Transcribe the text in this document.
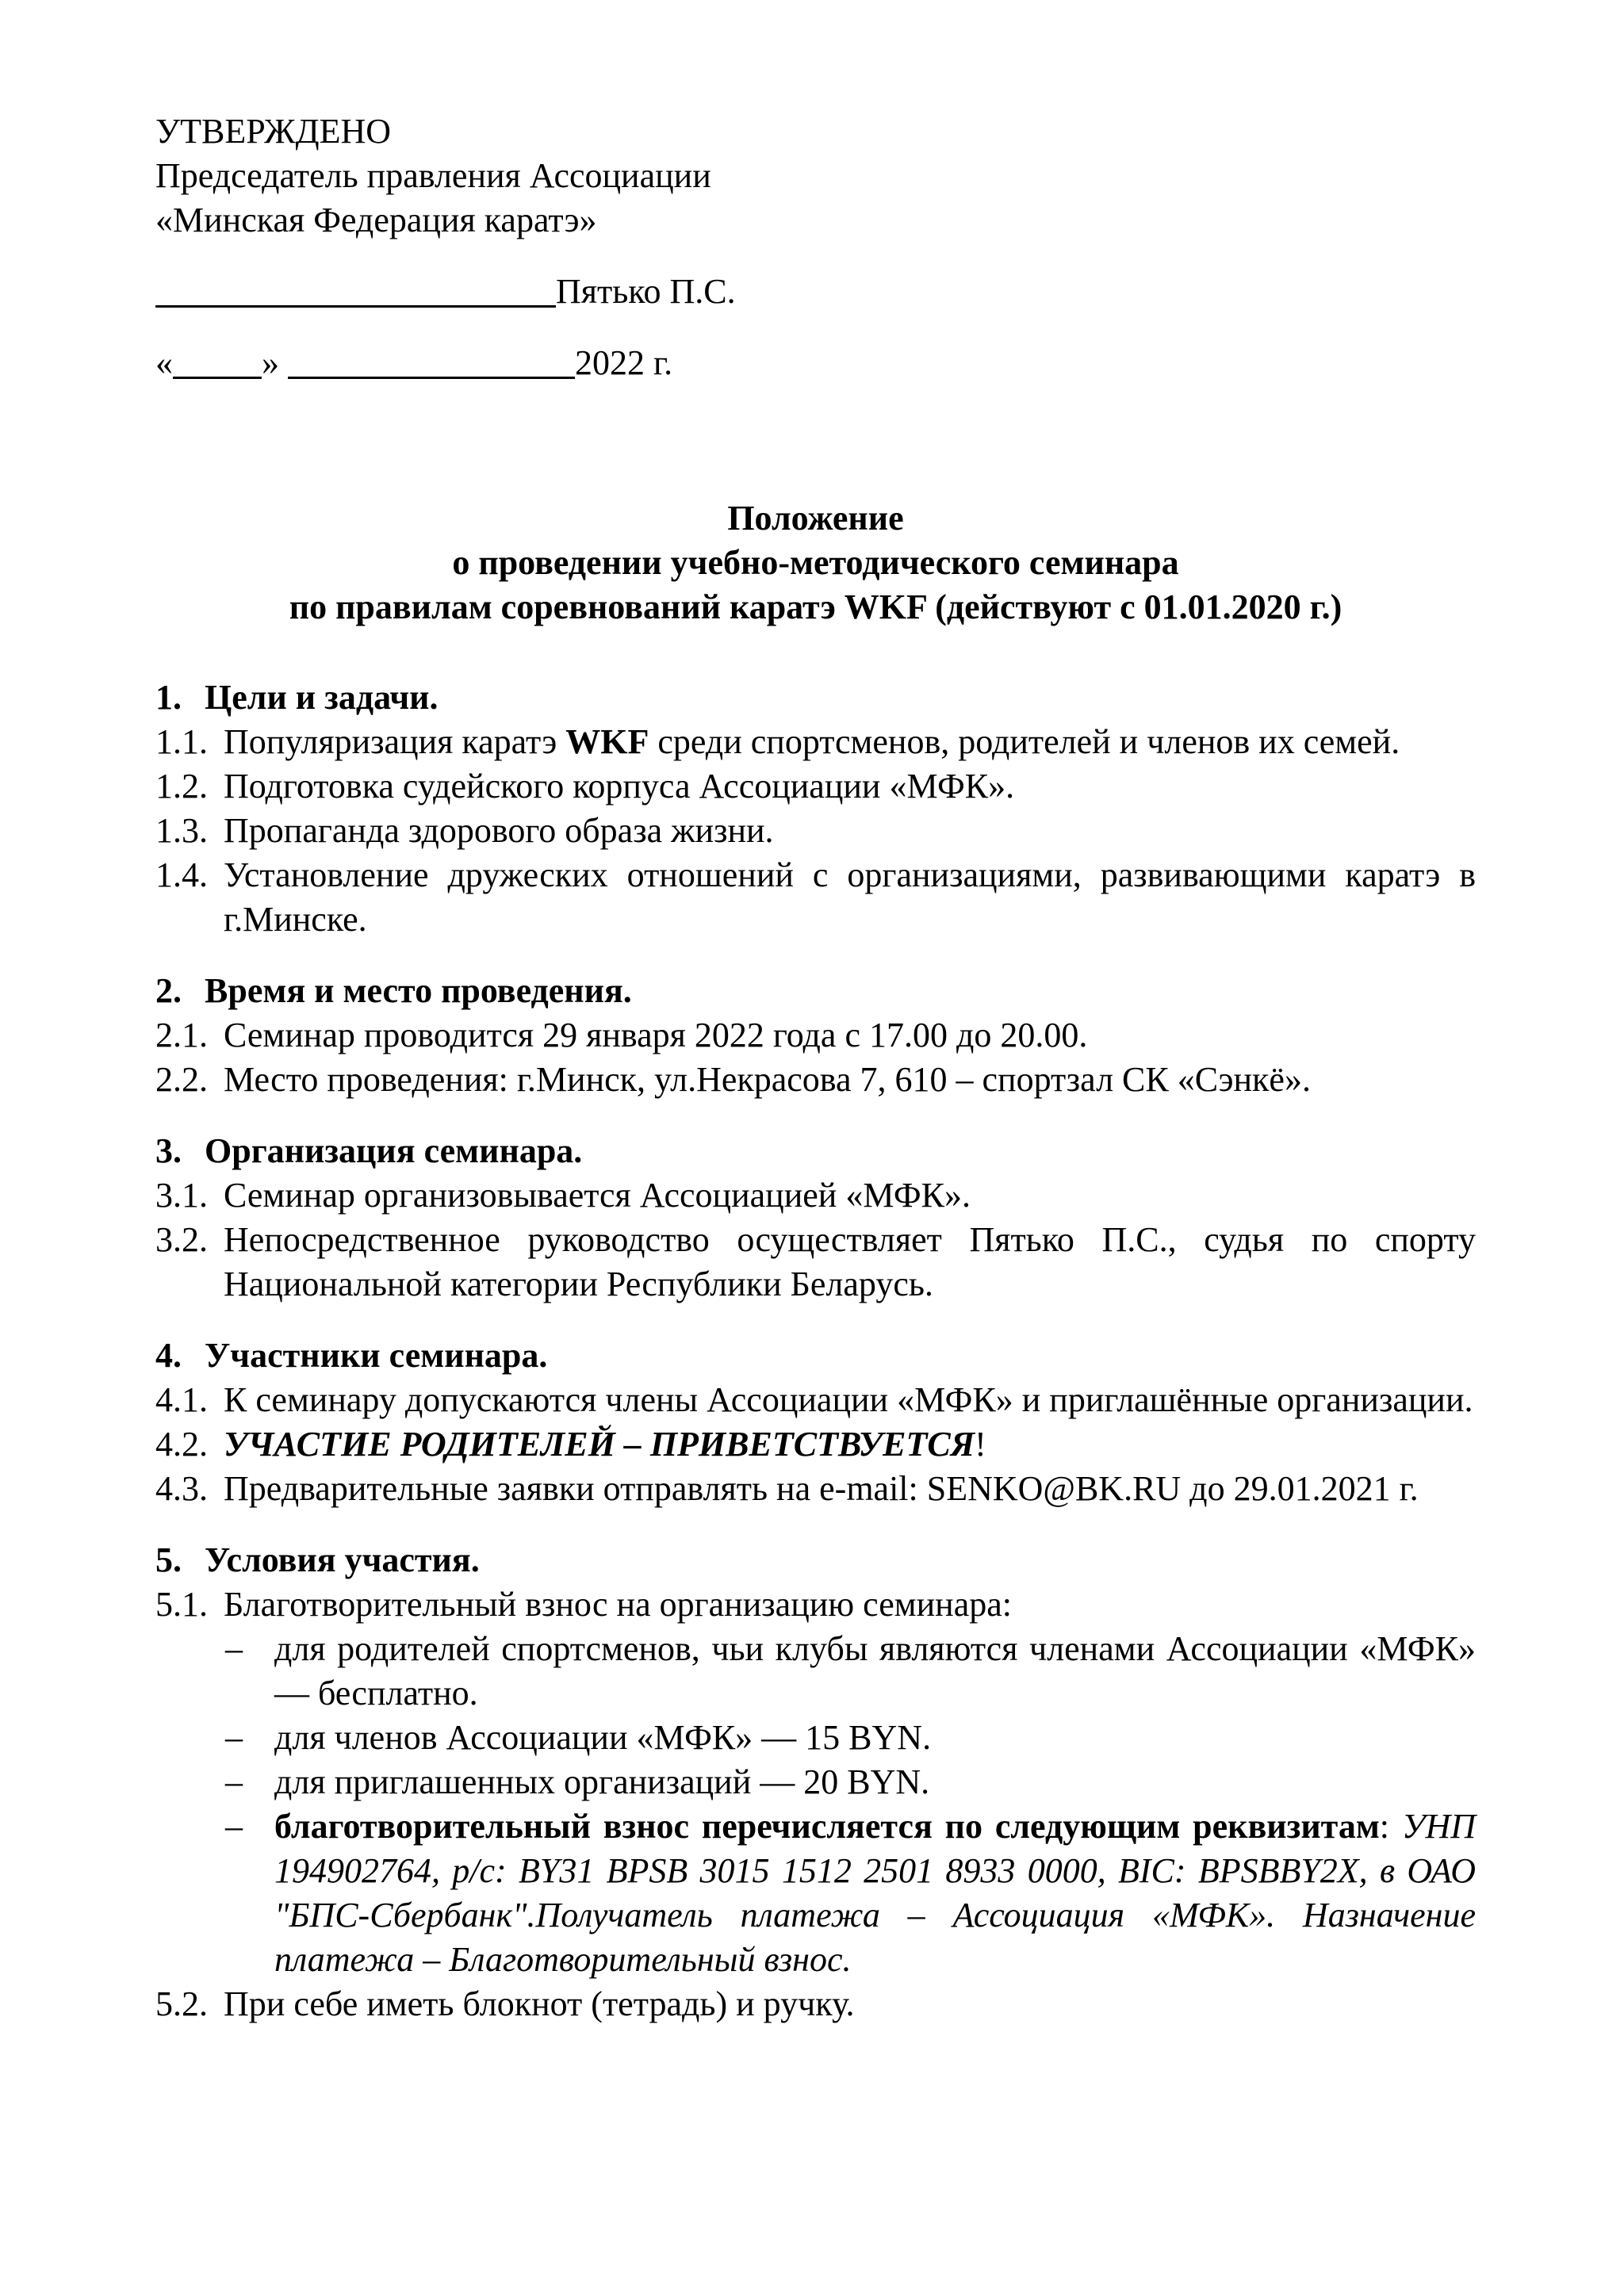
УТВЕРЖДЕНО
Председатель правления Ассоциации
«Минская Федерация каратэ»
Пятько П.С.
«	»	2022 г.
Положение
о проведении учебно-методического семинара
по правилам соревнований каратэ WKF (действуют с 01.01.2020 г.)
1. Цели и задачи.
1.1. Популяризация каратэ WKF среди спортсменов, родителей и членов их семей.
1.2. Подготовка судейского корпуса Ассоциации «МФК».
1.3. Пропаганда здорового образа жизни.
1.4. Установление дружеских отношений с организациями, развивающими каратэ в г.Минске.
2. Время и место проведения.
2.1. Семинар проводится 29 января 2022 года с 17.00 до 20.00.
2.2. Место проведения: г.Минск, ул.Некрасова 7, 610 – спортзал СК «Сэнкё».
3. Организация семинара.
3.1. Семинар организовывается Ассоциацией «МФК».
3.2. Непосредственное руководство осуществляет Пятько П.С., судья по спорту Национальной категории Республики Беларусь.
4. Участники семинара.
4.1. К семинару допускаются члены Ассоциации «МФК» и приглашённые организации.
4.2. УЧАСТИЕ РОДИТЕЛЕЙ – ПРИВЕТСТВУЕТСЯ!
4.3. Предварительные заявки отправлять на e-mail: SENKO@BK.RU до 29.01.2021 г.
5. Условия участия.
5.1. Благотворительный взнос на организацию семинара:
– для родителей спортсменов, чьи клубы являются членами Ассоциации «МФК» — бесплатно.
– для членов Ассоциации «МФК» — 15 BYN.
– для приглашенных организаций — 20 BYN.
– благотворительный взнос перечисляется по следующим реквизитам: УНП 194902764, р/с: BY31 BPSB 3015 1512 2501 8933 0000, BIC: BPSBBY2X, в ОАО "БПС-Сбербанк".Получатель платежа – Ассоциация «МФК». Назначение платежа – Благотворительный взнос.
5.2. При себе иметь блокнот (тетрадь) и ручку.
